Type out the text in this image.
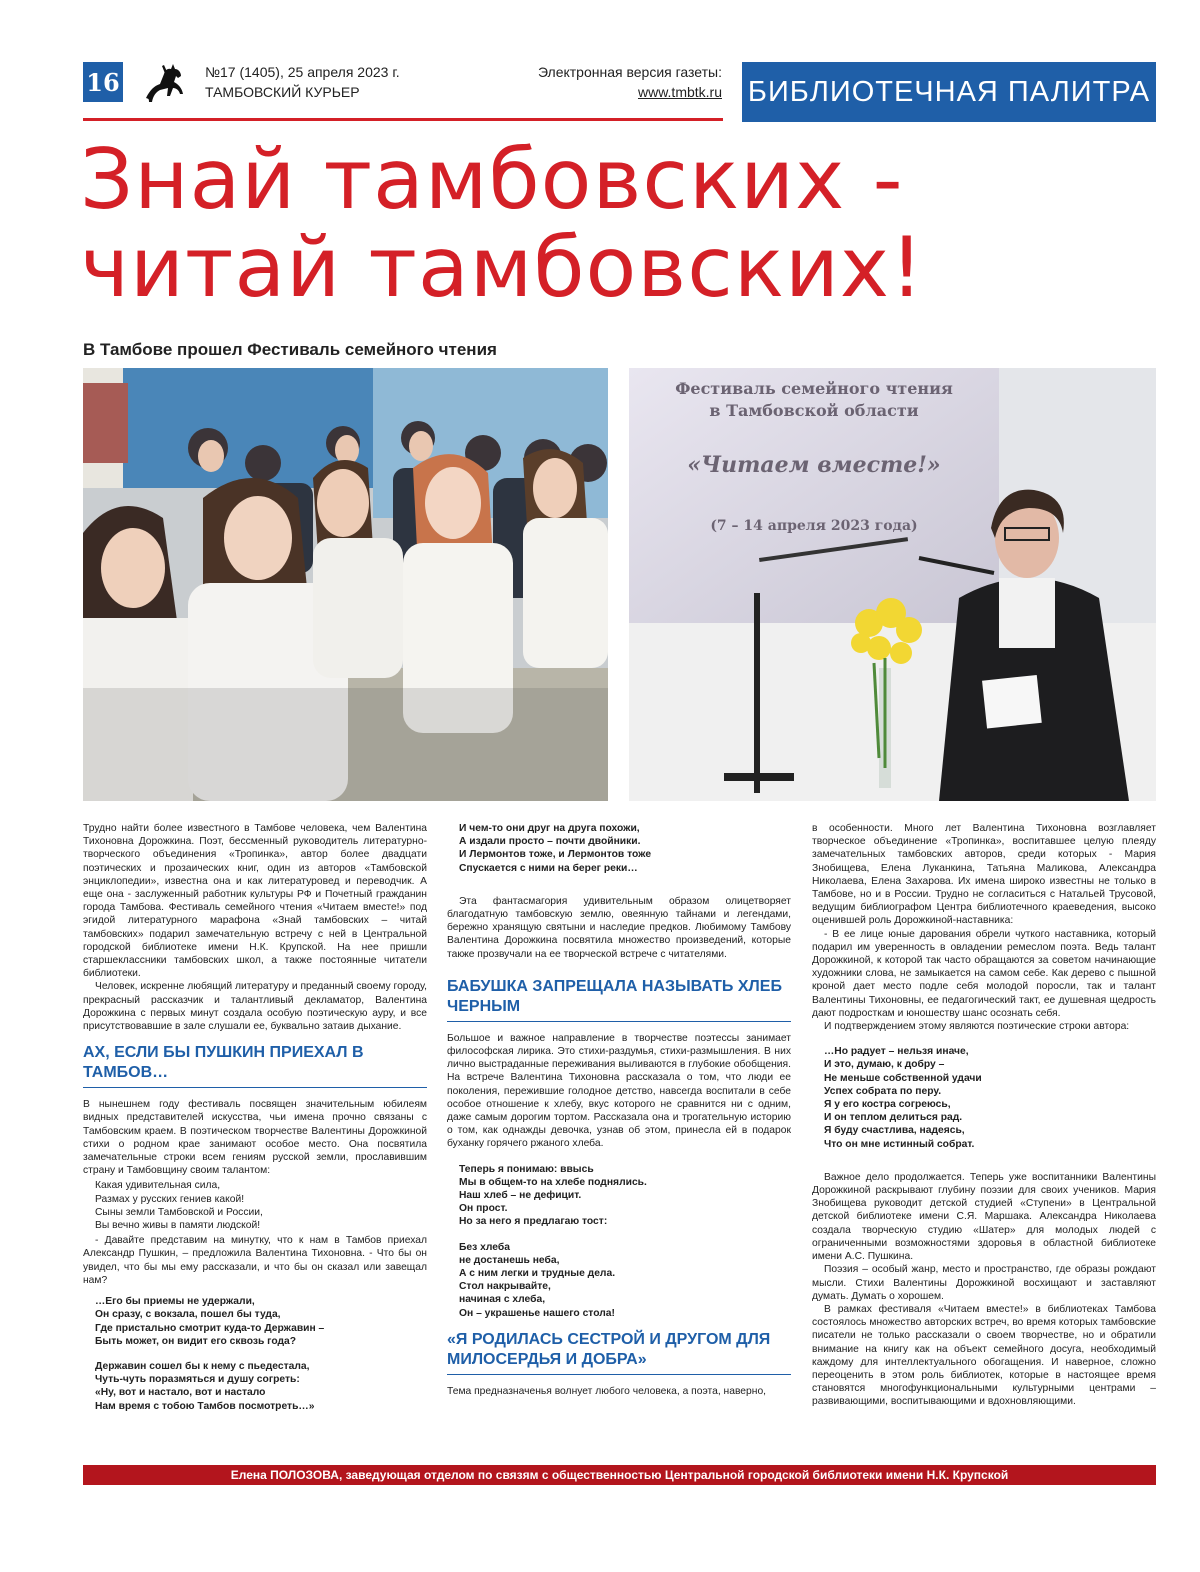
16	№17 (1405), 25 апреля 2023 г.
ТАМБОВСКИЙ КУРЬЕР
Электронная версия газеты:
www.tmbtk.ru БИБЛИОТЕЧНАЯ ПАЛИТРА
Знай тамбовских -
читай тамбовских!
В Тамбове прошел Фестиваль семейного чтения
Фестиваль семейного чтения
в Тамбовской области
«Читаем вместе!»
(7 – 14 апреля 2023 года)

Трудно найти более известного в Тамбове человека, чем Валентина Тихоновна Дорожкина. Поэт, бессменный руководитель литературно-творческого объединения «Тропинка», автор более двадцати поэтических и прозаических книг, один из авторов «Тамбовской энциклопедии», известна она и как литературовед и переводчик. А еще она - заслуженный работник культуры РФ и Почетный гражданин города Тамбова. Фестиваль семейного чтения «Читаем вместе!» под эгидой литературного марафона «Знай тамбовских – читай тамбовских» подарил замечательную встречу с ней в Центральной городской библиотеке имени Н.К. Крупской. На нее пришли старшеклассники тамбовских школ, а также постоянные читатели библиотеки.

Человек, искренне любящий литературу и преданный своему городу, прекрасный рассказчик и талантливый декламатор, Валентина Дорожкина с первых минут создала особую поэтическую ауру, и все присутствовавшие в зале слушали ее, буквально затаив дыхание.

АХ, ЕСЛИ БЫ ПУШКИН ПРИЕХАЛ В ТАМБОВ…

В нынешнем году фестиваль посвящен значительным юбилеям видных представителей искусства, чьи имена прочно связаны с Тамбовским краем. В поэтическом творчестве Валентины Дорожкиной стихи о родном крае занимают особое место. Она посвятила замечательные строки всем гениям русской земли, прославившим страну и Тамбовщину своим талантом:

Какая удивительная сила,
Размах у русских гениев какой!
Сыны земли Тамбовской и России,
Вы вечно живы в памяти людской!

- Давайте представим на минутку, что к нам в Тамбов приехал Александр Пушкин, – предложила Валентина Тихоновна. - Что бы он увидел, что бы мы ему рассказали, и что бы он сказал или завещал нам?

…Его бы приемы не удержали,
Он сразу, с вокзала, пошел бы туда,
Где пристально смотрит куда-то Державин –
Быть может, он видит его сквозь года?
Державин сошел бы к нему с пьедестала,
Чуть-чуть поразмяться и душу согреть:
«Ну, вот и настало, вот и настало
Нам время с тобою Тамбов посмотреть…»
И чем-то они друг на друга похожи,
А издали просто – почти двойники.
И Лермонтов тоже, и Лермонтов тоже
Спускается с ними на берег реки…

Эта фантасмагория удивительным образом олицетворяет благодатную тамбовскую землю, овеянную тайнами и легендами, бережно хранящую святыни и наследие предков. Любимому Тамбову Валентина Дорожкина посвятила множество произведений, которые также прозвучали на ее творческой встрече с читателями.

БАБУШКА ЗАПРЕЩАЛА НАЗЫВАТЬ ХЛЕБ ЧЕРНЫМ

Большое и важное направление в творчестве поэтессы занимает философская лирика. Это стихи-раздумья, стихи-размышления. В них лично выстраданные переживания выливаются в глубокие обобщения. На встрече Валентина Тихоновна рассказала о том, что люди ее поколения, пережившие голодное детство, навсегда воспитали в себе особое отношение к хлебу, вкус которого не сравнится ни с одним, даже самым дорогим тортом. Рассказала она и трогательную историю о том, как однажды девочка, узнав об этом, принесла ей в подарок буханку горячего ржаного хлеба.

Теперь я понимаю: ввысь
Мы в общем-то на хлебе поднялись.
Наш хлеб – не дефицит.
Он прост.
Но за него я предлагаю тост:
Без хлеба
не достанешь неба,
А с ним легки и трудные дела.
Стол накрывайте,
начиная с хлеба,
Он – украшенье нашего стола!
«Я РОДИЛАСЬ СЕСТРОЙ И ДРУГОМ ДЛЯ МИЛОСЕРДЬЯ И ДОБРА»

Тема предназначенья волнует любого человека, а поэта, наверно,

в особенности. Много лет Валентина Тихоновна возглавляет творческое объединение «Тропинка», воспитавшее целую плеяду замечательных тамбовских авторов, среди которых - Мария Знобищева, Елена Луканкина, Татьяна Маликова, Александра Николаева, Елена Захарова. Их имена широко известны не только в Тамбове, но и в России. Трудно не согласиться с Натальей Трусовой, ведущим библиографом Центра библиотечного краеведения, высоко оценившей роль Дорожкиной-наставника:

- В ее лице юные дарования обрели чуткого наставника, который подарил им уверенность в овладении ремеслом поэта. Ведь талант Дорожкиной, к которой так часто обращаются за советом начинающие художники слова, не замыкается на самом себе. Как дерево с пышной кроной дает место подле себя молодой поросли, так и талант Валентины Тихоновны, ее педагогический такт, ее душевная щедрость дают подросткам и юношеству шанс осознать себя.

И подтверждением этому являются поэтические строки автора:

…Но радует – нельзя иначе,
И это, думаю, к добру –
Не меньше собственной удачи
Успех собрата по перу.
Я у его костра согреюсь,
И он теплом делиться рад.
Я буду счастлива, надеясь,
Что он мне истинный собрат.

Важное дело продолжается. Теперь уже воспитанники Валентины Дорожкиной раскрывают глубину поэзии для своих учеников. Мария Знобищева руководит детской студией «Ступени» в Центральной детской библиотеке имени С.Я. Маршака. Александра Николаева создала творческую студию «Шатер» для молодых людей с ограниченными возможностями здоровья в областной библиотеке имени А.С. Пушкина.

Поэзия – особый жанр, место и пространство, где образы рождают мысли. Стихи Валентины Дорожкиной восхищают и заставляют думать. Думать о хорошем.

В рамках фестиваля «Читаем вместе!» в библиотеках Тамбова состоялось множество авторских встреч, во время которых тамбовские писатели не только рассказали о своем творчестве, но и обратили внимание на книгу как на объект семейного досуга, необходимый каждому для интеллектуального обогащения. И наверное, сложно переоценить в этом роль библиотек, которые в настоящее время становятся многофункциональными культурными центрами – развивающими, воспитывающими и вдохновляющими.

Елена ПОЛОЗОВА, заведующая отделом по связям с общественностью Центральной городской библиотеки имени Н.К. Крупской
